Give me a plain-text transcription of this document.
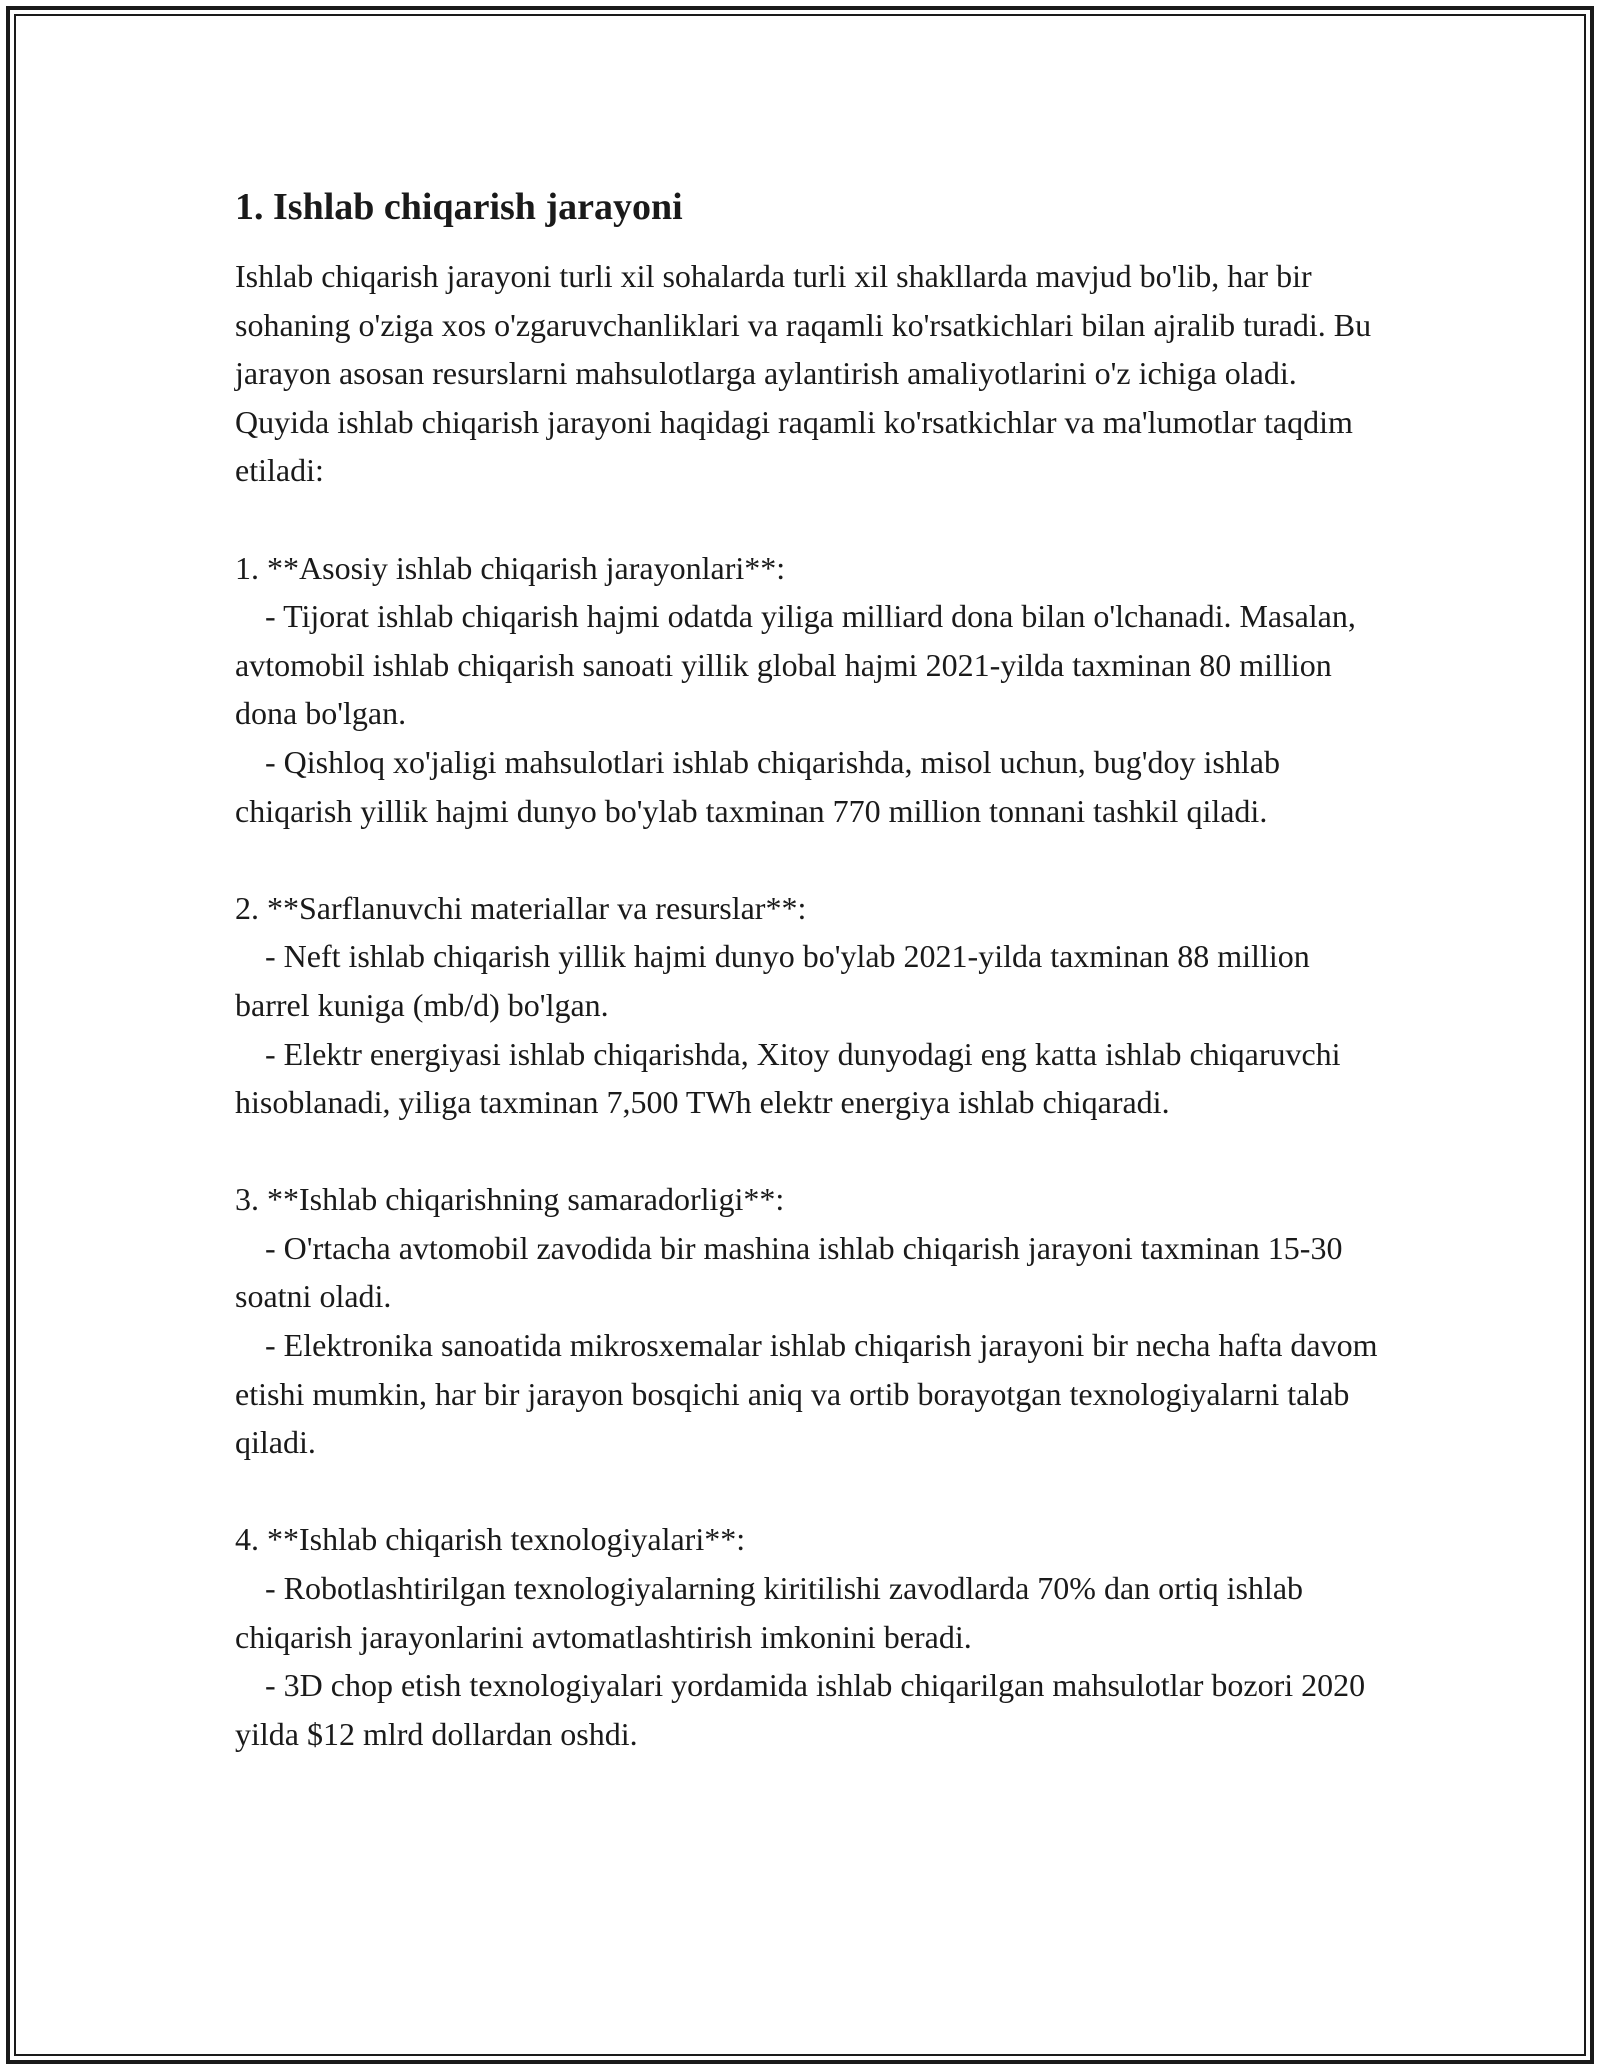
1. Ishlab chiqarish jarayoni

Ishlab chiqarish jarayoni turli xil sohalarda turli xil shakllarda mavjud bo'lib, har bir sohaning o'ziga xos o'zgaruvchanliklari va raqamli ko'rsatkichlari bilan ajralib turadi. Bu jarayon asosan resurslarni mahsulotlarga aylantirish amaliyotlarini o'z ichiga oladi. Quyida ishlab chiqarish jarayoni haqidagi raqamli ko'rsatkichlar va ma'lumotlar taqdim etiladi:

1. **Asosiy ishlab chiqarish jarayonlari**:

- Tijorat ishlab chiqarish hajmi odatda yiliga milliard dona bilan o'lchanadi. Masalan, avtomobil ishlab chiqarish sanoati yillik global hajmi 2021-yilda taxminan 80 million dona bo'lgan.

- Qishloq xo'jaligi mahsulotlari ishlab chiqarishda, misol uchun, bug'doy ishlab chiqarish yillik hajmi dunyo bo'ylab taxminan 770 million tonnani tashkil qiladi.

2. **Sarflanuvchi materiallar va resurslar**:

- Neft ishlab chiqarish yillik hajmi dunyo bo'ylab 2021-yilda taxminan 88 million barrel kuniga (mb/d) bo'lgan.

- Elektr energiyasi ishlab chiqarishda, Xitoy dunyodagi eng katta ishlab chiqaruvchi hisoblanadi, yiliga taxminan 7,500 TWh elektr energiya ishlab chiqaradi.

3. **Ishlab chiqarishning samaradorligi**:

- O'rtacha avtomobil zavodida bir mashina ishlab chiqarish jarayoni taxminan 15-30 soatni oladi.

- Elektronika sanoatida mikrosxemalar ishlab chiqarish jarayoni bir necha hafta davom etishi mumkin, har bir jarayon bosqichi aniq va ortib borayotgan texnologiyalarni talab qiladi.

4. **Ishlab chiqarish texnologiyalari**:

- Robotlashtirilgan texnologiyalarning kiritilishi zavodlarda 70% dan ortiq ishlab chiqarish jarayonlarini avtomatlashtirish imkonini beradi.

- 3D chop etish texnologiyalari yordamida ishlab chiqarilgan mahsulotlar bozori 2020 yilda $12 mlrd dollardan oshdi.
